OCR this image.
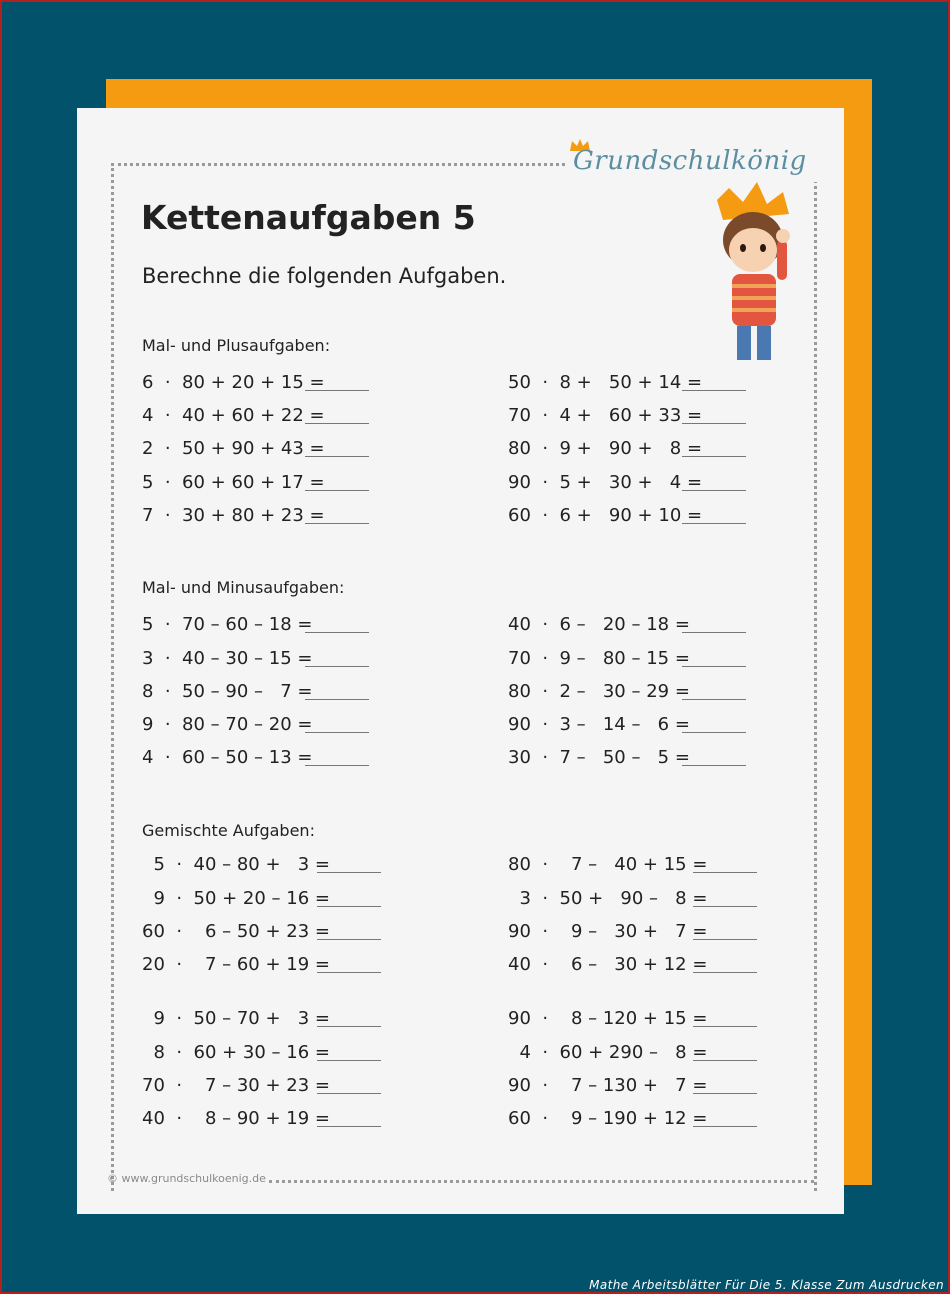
Grundschulkönig
Kettenaufgaben 5
Berechne die folgenden Aufgaben.
Mal- und Plusaufgaben:
6  ·  80 + 20 + 15 =
4  ·  40 + 60 + 22 =
2  ·  50 + 90 + 43 =
5  ·  60 + 60 + 17 =
7  ·  30 + 80 + 23 =
50  ·  8 +   50 + 14 =
70  ·  4 +   60 + 33 =
80  ·  9 +   90 +   8 =
90  ·  5 +   30 +   4 =
60  ·  6 +   90 + 10 =
Mal- und Minusaufgaben:
5  ·  70 – 60 – 18 =
3  ·  40 – 30 – 15 =
8  ·  50 – 90 –   7 =
9  ·  80 – 70 – 20 =
4  ·  60 – 50 – 13 =
40  ·  6 –   20 – 18 =
70  ·  9 –   80 – 15 =
80  ·  2 –   30 – 29 =
90  ·  3 –   14 –   6 =
30  ·  7 –   50 –   5 =
Gemischte Aufgaben:
5  ·  40 – 80 +   3 =
9  ·  50 + 20 – 16 =
60  ·    6 – 50 + 23 =
20  ·    7 – 60 + 19 =
9  ·  50 – 70 +   3 =
8  ·  60 + 30 – 16 =
70  ·    7 – 30 + 23 =
40  ·    8 – 90 + 19 =
80  ·    7 –   40 + 15 =
3  ·  50 +   90 –   8 =
90  ·    9 –   30 +   7 =
40  ·    6 –   30 + 12 =
90  ·    8 – 120 + 15 =
4  ·  60 + 290 –   8 =
90  ·    7 – 130 +   7 =
60  ·    9 – 190 + 12 =
© www.grundschulkoenig.de
Mathe Arbeitsblätter Für Die 5. Klasse Zum Ausdrucken
